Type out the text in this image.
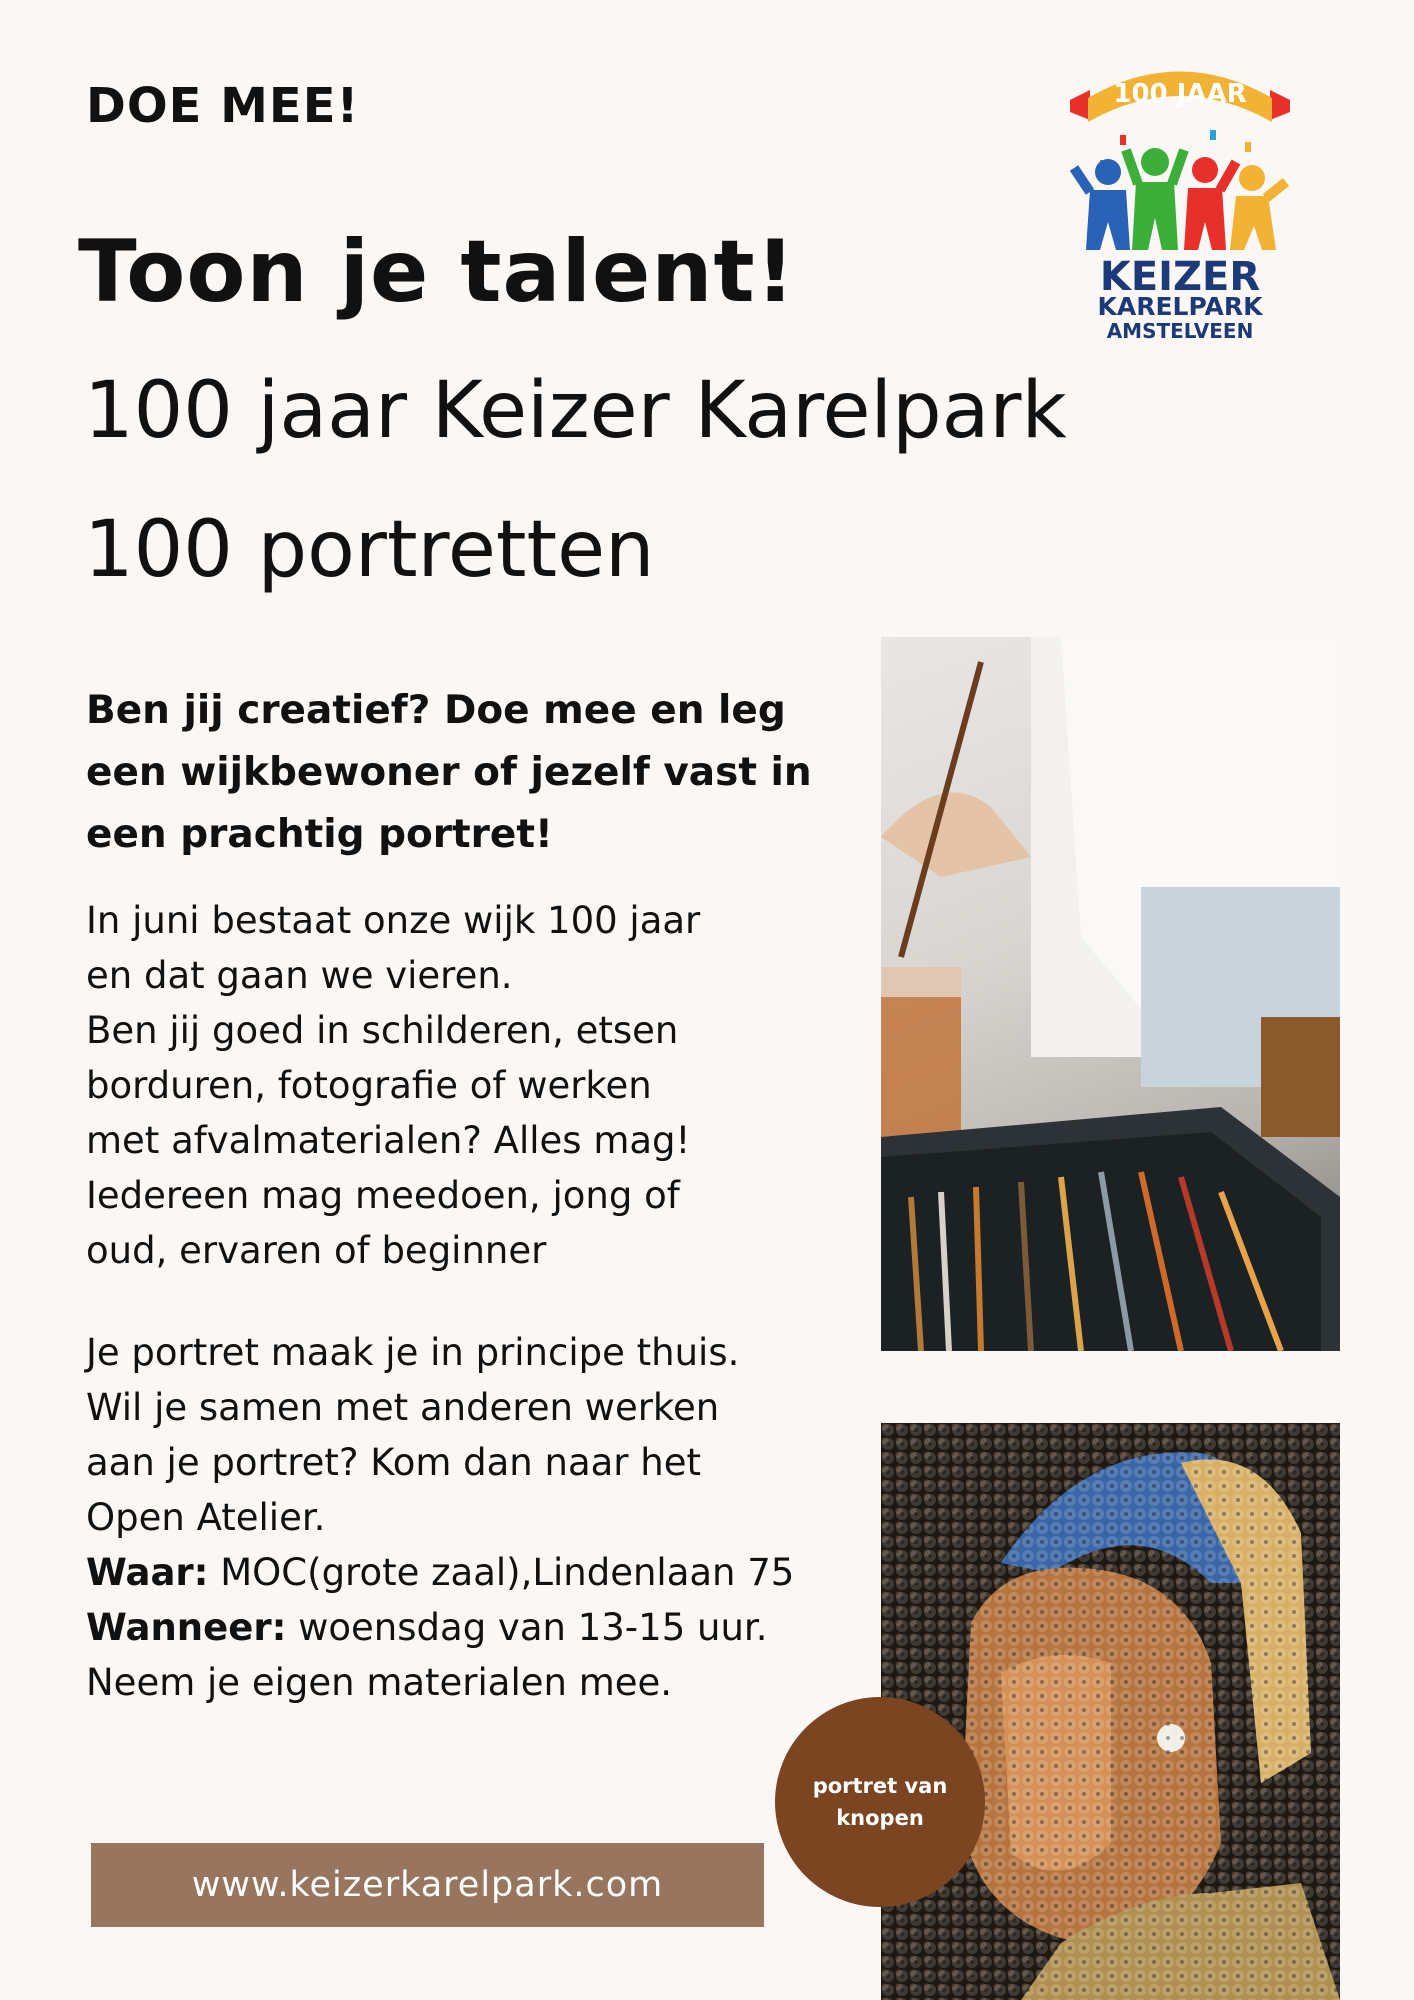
DOE MEE!
Toon je talent!
100 jaar Keizer Karelpark
100 portretten
100 JAAR
KEIZER
KARELPARK
AMSTELVEEN
Ben jij creatief? Doe mee en leg een wijkbewoner of jezelf vast in een prachtig portret!
In juni bestaat onze wijk 100 jaar
en dat gaan we vieren.
Ben jij goed in schilderen, etsen
borduren, fotografie of werken
met afvalmaterialen? Alles mag!
Iedereen mag meedoen, jong of
oud, ervaren of beginner
Je portret maak je in principe thuis.
Wil je samen met anderen werken
aan je portret? Kom dan naar het
Open Atelier.
Waar: MOC(grote zaal),Lindenlaan 75
Wanneer: woensdag van 13-15 uur.
Neem je eigen materialen mee.
portret van knopen
www.keizerkarelpark.com
